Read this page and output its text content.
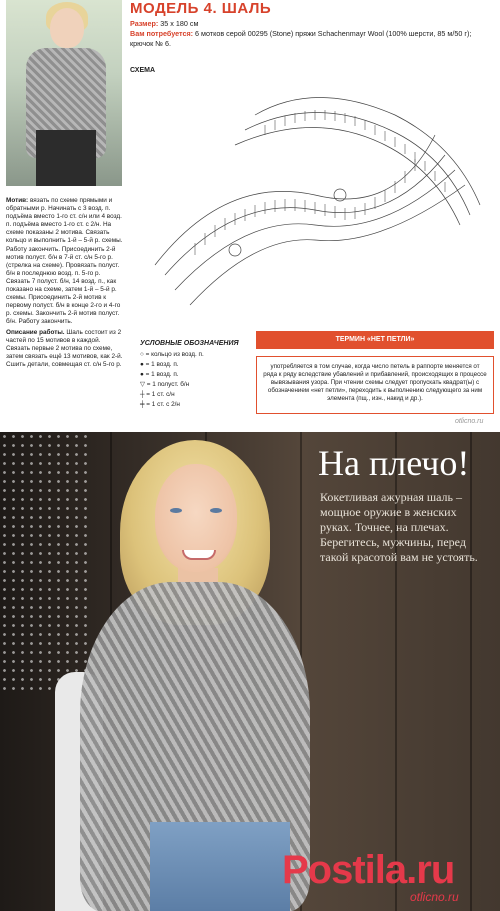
МОДЕЛЬ 4. ШАЛЬ
Размер: 35 х 180 см
Вам потребуется: 6 мотков серой 00295 (Stone) пряжи Schachenmayr Wool (100% шерсти, 85 м/50 г); крючок № 6.
СХЕМА

Мотив: вязать по схеме прямыми и обратными р. Начинать с 3 возд. п. подъёма вместо 1-го ст. с/н или 4 возд. п. подъёма вместо 1-го ст. с 2/н. На схеме показаны 2 мотива. Связать кольцо и выполнить 1-й – 5-й р. схемы. Работу закончить. Присоединить 2-й мотив полуст. б/н в 7-й ст. с/н 5-го р. (стрелка на схеме). Провязать полуст. б/н в последнюю возд. п. 5-го р. Связать 7 полуст. б/н, 14 возд. п., как показано на схеме, затем 1-й – 5-й р. схемы. Присоединить 2-й мотив к первому полуст. б/н в конце 2-го и 4-го р. схемы. Закончить 2-й мотив полуст. б/н. Работу закончить.

Описание работы. Шаль состоит из 2 частей по 15 мотивов в каждой. Связать первые 2 мотива по схеме, затем связать ещё 13 мотивов, как 2-й. Сшить детали, совмещая ст. с/н 5-го р.

УСЛОВНЫЕ ОБОЗНАЧЕНИЯ
○ = кольцо из возд. п.
● = 1 возд. п.
● = 1 возд. п.
▽ = 1 полуст. б/н
┼ = 1 ст. с/н
╪ = 1 ст. с 2/н
ТЕРМИН «НЕТ ПЕТЛИ»
употребляется в том случае, когда число петель в раппорте меняется от ряда к ряду вследствие убавлений и прибавлений, происходящих в процессе вывязывания узора. При чтении схемы следует пропускать квадрат(ы) с обозначением «нет петли», переходить к выполнению следующего за ним элемента (пщ., изн., накид и др.).
otlicno.ru
На плечо!
Кокетливая ажурная шаль – мощное оружие в женских руках. Точнее, на плечах. Берегитесь, мужчины, перед такой красотой вам не устоять.
Postila.ru
otlicno.ru
